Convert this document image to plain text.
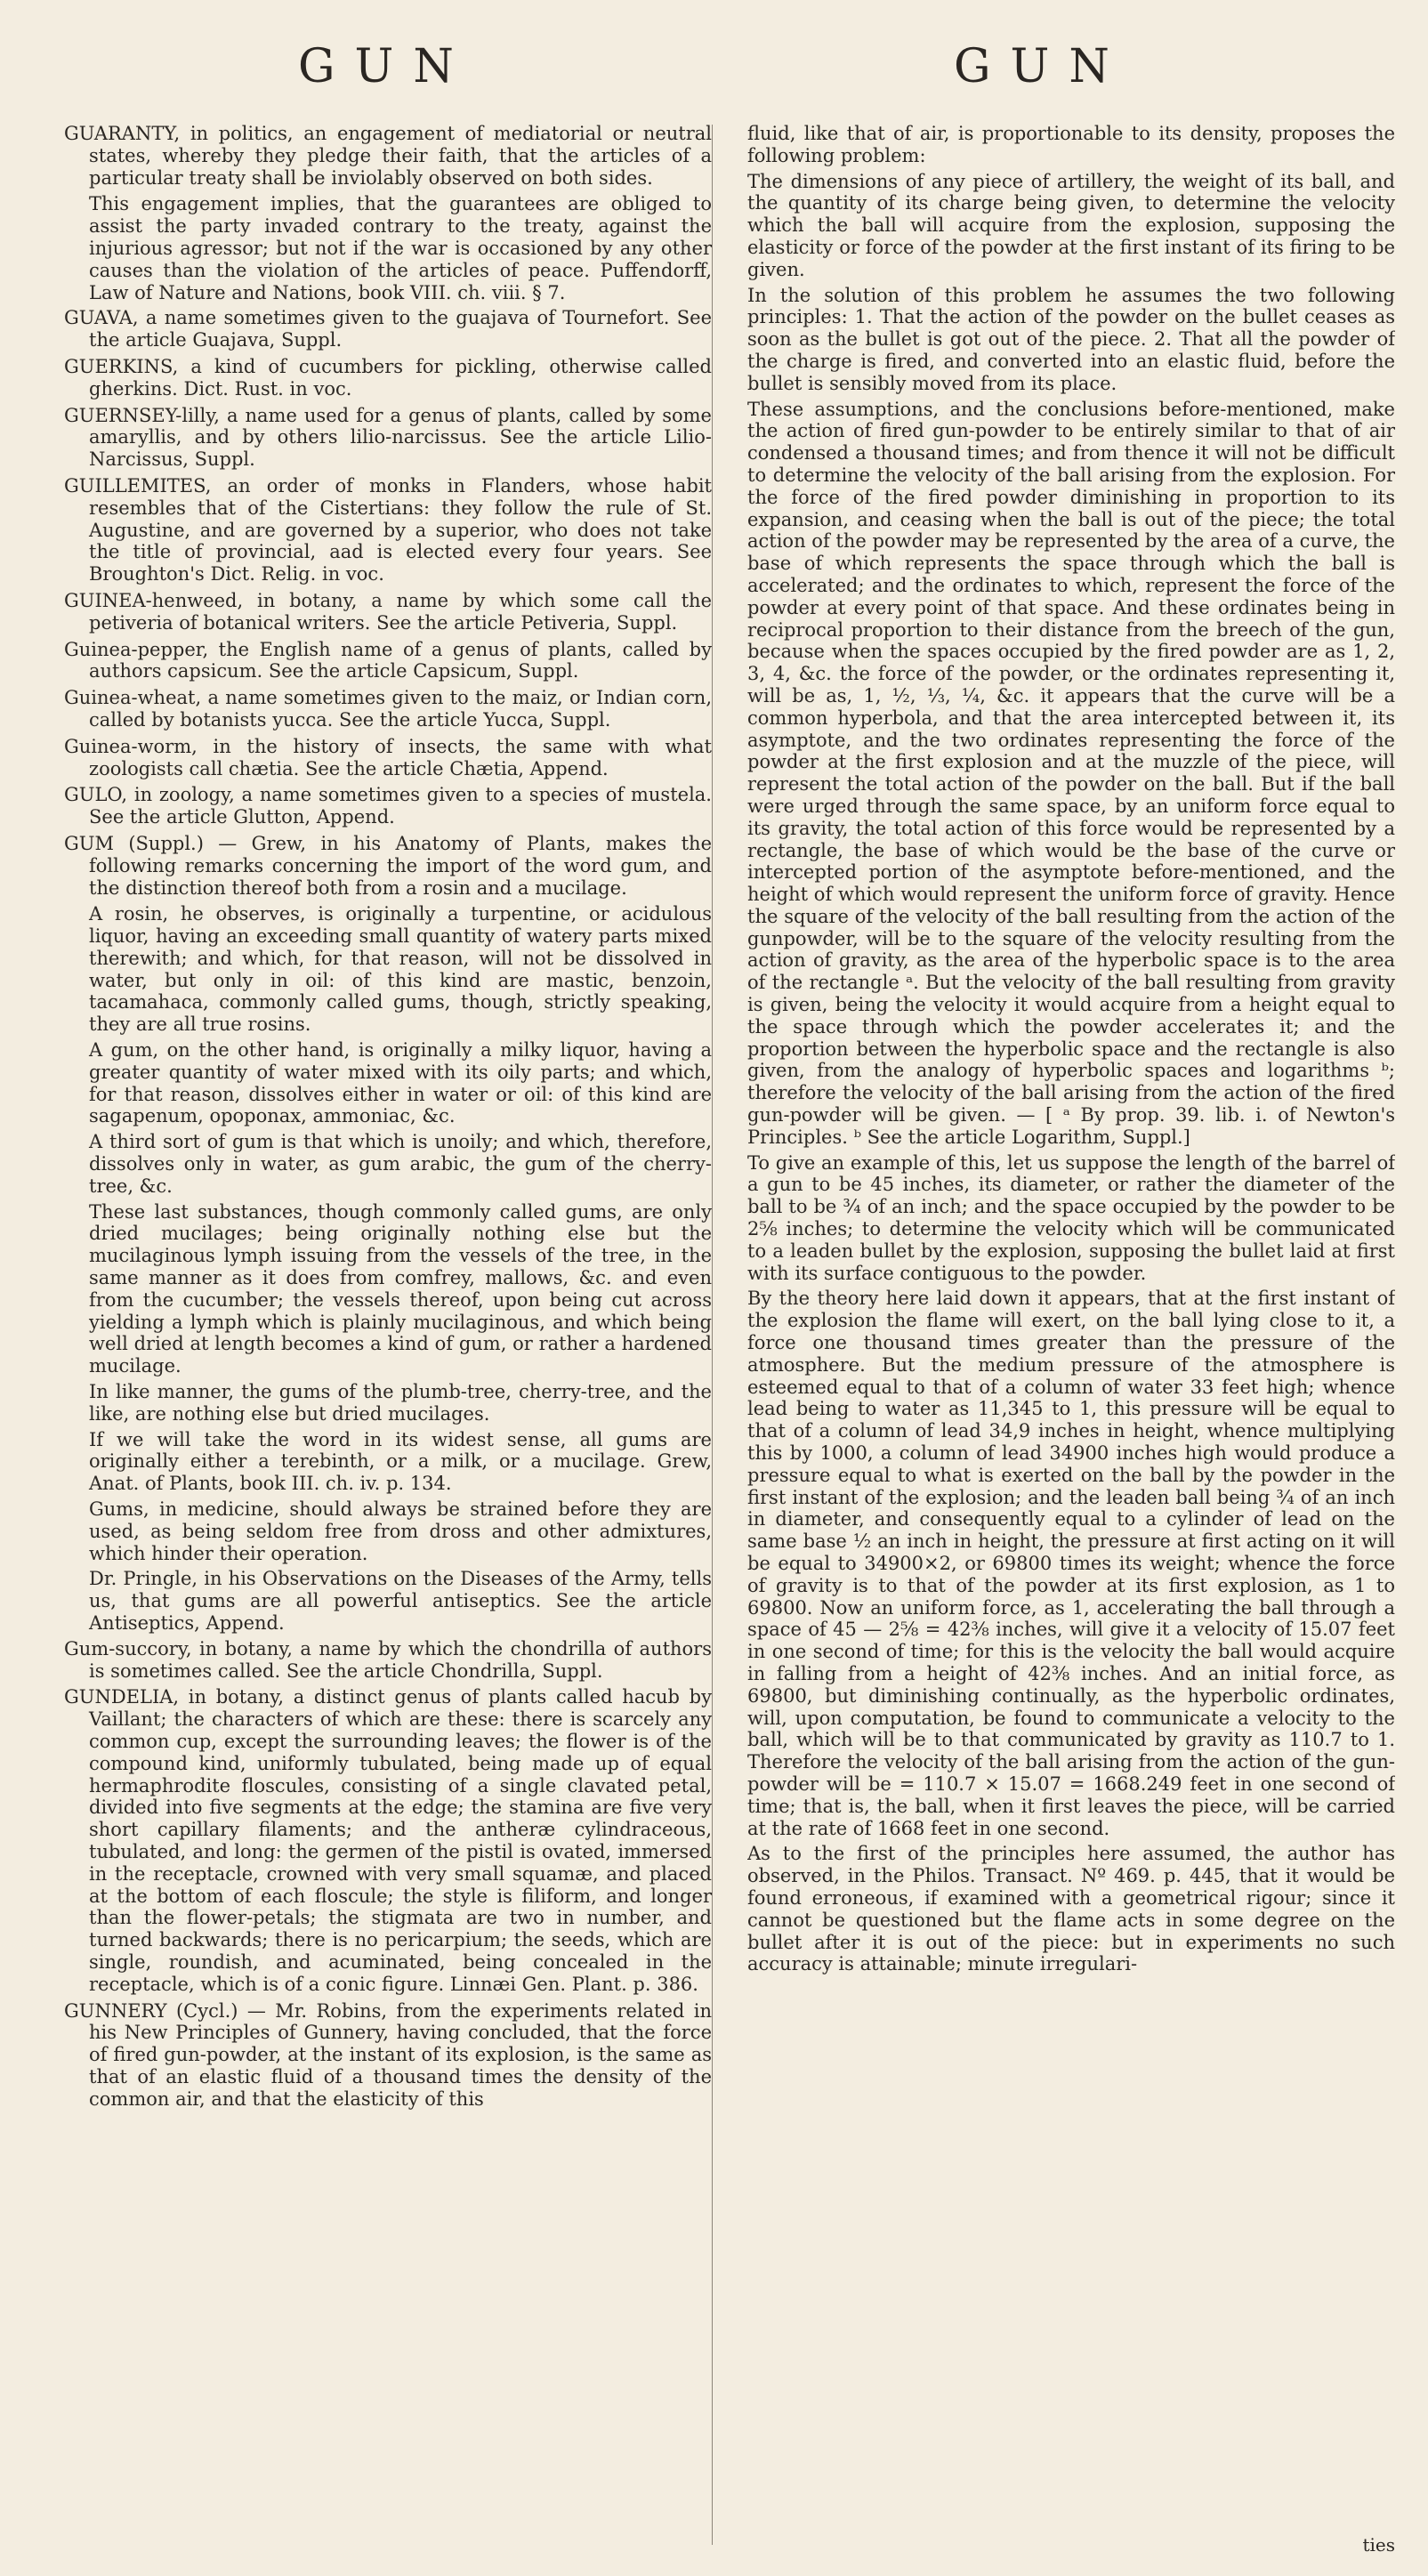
GUN	GUN

GUARANTY, in politics, an engagement of mediatorial or neutral states, whereby they pledge their faith, that the articles of a particular treaty shall be inviolably observed on both sides.

This engagement implies, that the guarantees are obliged to assist the party invaded contrary to the treaty, against the injurious agressor; but not if the war is occasioned by any other causes than the violation of the articles of peace. Puffendorff, Law of Nature and Nations, book VIII. ch. viii. § 7.

GUAVA, a name sometimes given to the guajava of Tournefort. See the article Guajava, Suppl.

GUERKINS, a kind of cucumbers for pickling, otherwise called gherkins. Dict. Rust. in voc.

GUERNSEY-lilly, a name used for a genus of plants, called by some amaryllis, and by others lilio-narcissus. See the article Lilio-Narcissus, Suppl.

GUILLEMITES, an order of monks in Flanders, whose habit resembles that of the Cistertians: they follow the rule of St. Augustine, and are governed by a superior, who does not take the title of provincial, aad is elected every four years. See Broughton's Dict. Relig. in voc.

GUINEA-henweed, in botany, a name by which some call the petiveria of botanical writers. See the article Petiveria, Suppl.

Guinea-pepper, the English name of a genus of plants, called by authors capsicum. See the article Capsicum, Suppl.

Guinea-wheat, a name sometimes given to the maiz, or Indian corn, called by botanists yucca. See the article Yucca, Suppl.

Guinea-worm, in the history of insects, the same with what zoologists call chætia. See the article Chætia, Append.

GULO, in zoology, a name sometimes given to a species of mustela. See the article Glutton, Append.

GUM (Suppl.) — Grew, in his Anatomy of Plants, makes the following remarks concerning the import of the word gum, and the distinction thereof both from a rosin and a mucilage.

A rosin, he observes, is originally a turpentine, or acidulous liquor, having an exceeding small quantity of watery parts mixed therewith; and which, for that reason, will not be dissolved in water, but only in oil: of this kind are mastic, benzoin, tacamahaca, commonly called gums, though, strictly speaking, they are all true rosins.

A gum, on the other hand, is originally a milky liquor, having a greater quantity of water mixed with its oily parts; and which, for that reason, dissolves either in water or oil: of this kind are sagapenum, opoponax, ammoniac, &c.

A third sort of gum is that which is unoily; and which, therefore, dissolves only in water, as gum arabic, the gum of the cherry-tree, &c.

These last substances, though commonly called gums, are only dried mucilages; being originally nothing else but the mucilaginous lymph issuing from the vessels of the tree, in the same manner as it does from comfrey, mallows, &c. and even from the cucumber; the vessels thereof, upon being cut across yielding a lymph which is plainly mucilaginous, and which being well dried at length becomes a kind of gum, or rather a hardened mucilage.

In like manner, the gums of the plumb-tree, cherry-tree, and the like, are nothing else but dried mucilages.

If we will take the word in its widest sense, all gums are originally either a terebinth, or a milk, or a mucilage. Grew, Anat. of Plants, book III. ch. iv. p. 134.

Gums, in medicine, should always be strained before they are used, as being seldom free from dross and other admixtures, which hinder their operation.

Dr. Pringle, in his Observations on the Diseases of the Army, tells us, that gums are all powerful antiseptics. See the article Antiseptics, Append.

Gum-succory, in botany, a name by which the chondrilla of authors is sometimes called. See the article Chondrilla, Suppl.

GUNDELIA, in botany, a distinct genus of plants called hacub by Vaillant; the characters of which are these: there is scarcely any common cup, except the surrounding leaves; the flower is of the compound kind, uniformly tubulated, being made up of equal hermaphrodite floscules, consisting of a single clavated petal, divided into five segments at the edge; the stamina are five very short capillary filaments; and the antheræ cylindraceous, tubulated, and long: the germen of the pistil is ovated, immersed in the receptacle, crowned with very small squamæ, and placed at the bottom of each flosculе; the style is filiform, and longer than the flower-petals; the stigmata are two in number, and turned backwards; there is no pericarpium; the seeds, which are single, roundish, and acuminated, being concealed in the receptacle, which is of a conic figure. Linnæi Gen. Plant. p. 386.

GUNNERY (Cycl.) — Mr. Robins, from the experiments related in his New Principles of Gunnery, having concluded, that the force of fired gun-powder, at the instant of its explosion, is the same as that of an elastic fluid of a thousand times the density of the common air, and that the elasticity of this

fluid, like that of air, is proportionable to its density, proposes the following problem:

The dimensions of any piece of artillery, the weight of its ball, and the quantity of its charge being given, to determine the velocity which the ball will acquire from the explosion, supposing the elasticity or force of the powder at the first instant of its firing to be given.

In the solution of this problem he assumes the two following principles: 1. That the action of the powder on the bullet ceases as soon as the bullet is got out of the piece. 2. That all the powder of the charge is fired, and converted into an elastic fluid, before the bullet is sensibly moved from its place.

These assumptions, and the conclusions before-mentioned, make the action of fired gun-powder to be entirely similar to that of air condensed a thousand times; and from thence it will not be difficult to determine the velocity of the ball arising from the explosion. For the force of the fired powder diminishing in proportion to its expansion, and ceasing when the ball is out of the piece; the total action of the powder may be represented by the area of a curve, the base of which represents the space through which the ball is accelerated; and the ordinates to which, represent the force of the powder at every point of that space. And these ordinates being in reciprocal proportion to their distance from the breech of the gun, because when the spaces occupied by the fired powder are as 1, 2, 3, 4, &c. the force of the powder, or the ordinates representing it, will be as, 1, ½, ⅓, ¼, &c. it appears that the curve will be a common hyperbola, and that the area intercepted between it, its asymptote, and the two ordinates representing the force of the powder at the first explosion and at the muzzle of the piece, will represent the total action of the powder on the ball. But if the ball were urged through the same space, by an uniform force equal to its gravity, the total action of this force would be represented by a rectangle, the base of which would be the base of the curve or intercepted portion of the asymptote before-mentioned, and the height of which would represent the uniform force of gravity. Hence the square of the velocity of the ball resulting from the action of the gunpowder, will be to the square of the velocity resulting from the action of gravity, as the area of the hyperbolic space is to the area of the rectangle ᵃ. But the velocity of the ball resulting from gravity is given, being the velocity it would acquire from a height equal to the space through which the powder accelerates it; and the proportion between the hyperbolic space and the rectangle is also given, from the analogy of hyperbolic spaces and logarithms ᵇ; therefore the velocity of the ball arising from the action of the fired gun-powder will be given. — [ ᵃ By prop. 39. lib. i. of Newton's Principles. ᵇ See the article Logarithm, Suppl.]

To give an example of this, let us suppose the length of the barrel of a gun to be 45 inches, its diameter, or rather the diameter of the ball to be ¾ of an inch; and the space occupied by the powder to be 2⅝ inches; to determine the velocity which will be communicated to a leaden bullet by the explosion, supposing the bullet laid at first with its surface contiguous to the powder.

By the theory here laid down it appears, that at the first instant of the explosion the flame will exert, on the ball lying close to it, a force one thousand times greater than the pressure of the atmosphere. But the medium pressure of the atmosphere is esteemed equal to that of a column of water 33 feet high; whence lead being to water as 11,345 to 1, this pressure will be equal to that of a column of lead 34,9 inches in height, whence multiplying this by 1000, a column of lead 34900 inches high would produce a pressure equal to what is exerted on the ball by the powder in the first instant of the explosion; and the leaden ball being ¾ of an inch in diameter, and consequently equal to a cylinder of lead on the same base ½ an inch in height, the pressure at first acting on it will be equal to 34900×2, or 69800 times its weight; whence the force of gravity is to that of the powder at its first explosion, as 1 to 69800. Now an uniform force, as 1, accelerating the ball through a space of 45 — 2⅝ = 42⅜ inches, will give it a velocity of 15.07 feet in one second of time; for this is the velocity the ball would acquire in falling from a height of 42⅜ inches. And an initial force, as 69800, but diminishing continually, as the hyperbolic ordinates, will, upon computation, be found to communicate a velocity to the ball, which will be to that communicated by gravity as 110.7 to 1. Therefore the velocity of the ball arising from the action of the gun-powder will be = 110.7 × 15.07 = 1668.249 feet in one second of time; that is, the ball, when it first leaves the piece, will be carried at the rate of 1668 feet in one second.

As to the first of the principles here assumed, the author has observed, in the Philos. Transact. Nº 469. p. 445, that it would be found erroneous, if examined with a geometrical rigour; since it cannot be questioned but the flame acts in some degree on the bullet after it is out of the piece: but in experiments no such accuracy is attainable; minute irregulari-

ties
